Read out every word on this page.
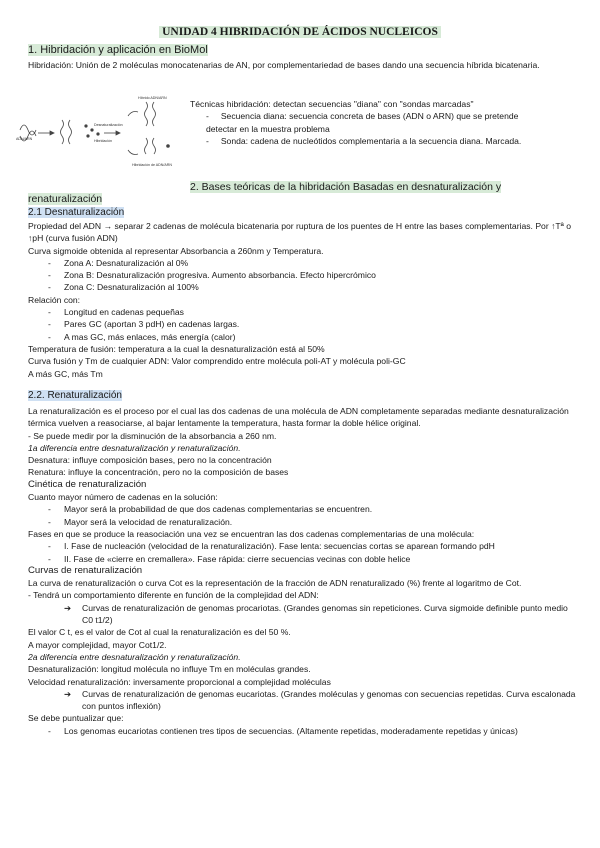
UNIDAD 4 HIBRIDACIÓN DE ÁCIDOS NUCLEICOS
1. Hibridación y aplicación en BioMol

Hibridación: Unión de 2 moléculas monocatenarias de AN, por complementariedad de bases dando una secuencia híbrida bicatenaria.

Híbrido ADN/ARN
ADN/ARN
Desnaturalización
Hibridación
Hibridación de ADN/ARN

Técnicas hibridación: detectan secuencias "diana" con "sondas marcadas"

-     Secuencia diana: secuencia concreta de bases (ADN o ARN) que se pretende detectar en la muestra problema

-     Sonda: cadena de nucleótidos complementaria a la secuencia diana. Marcada.

2. Bases teóricas de la hibridación Basadas en desnaturalización y
renaturalización
2.1 Desnaturalización

Propiedad del ADN → separar 2 cadenas de molécula bicatenaria por ruptura de los puentes de H entre las bases complementarias. Por ↑Tª o ↑pH (curva fusión ADN)

Curva sigmoide obtenida al representar Absorbancia a 260nm y Temperatura.

-	Zona A: Desnaturalización al 0%

-	Zona B: Desnaturalización progresiva. Aumento absorbancia. Efecto hipercrómico

-	Zona C: Desnaturalización al 100%

Relación con:

-	Longitud en cadenas pequeñas

-	Pares GC (aportan 3 pdH) en cadenas largas.

-	A mas GC, más enlaces, más energía (calor)

Temperatura de fusión: temperatura a la cual la desnaturalización está al 50%

Curva fusión y Tm de cualquier ADN: Valor comprendido entre molécula poli-AT y molécula poli-GC

A más GC, más Tm

2.2. Renaturalización

La renaturalización es el proceso por el cual las dos cadenas de una molécula de ADN completamente separadas mediante desnaturalización térmica vuelven a reasociarse, al bajar lentamente la temperatura, hasta formar la doble hélice original.

- Se puede medir por la disminución de la absorbancia a 260 nm.

1a diferencia entre desnaturalización y renaturalización.

Desnatura: influye composición bases, pero no la concentración

Renatura: influye la concentración, pero no la composición de bases

Cinética de renaturalización

Cuanto mayor número de cadenas en la solución:

-	Mayor será la probabilidad de que dos cadenas complementarias se encuentren.

-	Mayor será la velocidad de renaturalización.

Fases en que se produce la reasociación una vez se encuentran las dos cadenas complementarias de una molécula:

-	I. Fase de nucleación (velocidad de la renaturalización). Fase lenta: secuencias cortas se aparean formando pdH

-	II. Fase de «cierre en cremallera». Fase rápida: cierre secuencias vecinas con doble helice

Curvas de renaturalización

La curva de renaturalización o curva Cot es la representación de la fracción de ADN renaturalizado (%) frente al logaritmo de Cot.

- Tendrá un comportamiento diferente en función de la complejidad del ADN:

➔	Curvas de renaturalización de genomas procariotas. (Grandes genomas sin repeticiones. Curva sigmoide definible punto medio C0 t1/2)

El valor C t, es el valor de Cot al cual la renaturalización es del 50 %.

A mayor complejidad, mayor Cot1/2.

2a diferencia entre desnaturalización y renaturalización.

Desnaturalización: longitud molécula no influye Tm en moléculas grandes.

Velocidad renaturalización: inversamente proporcional a complejidad moléculas

➔	Curvas de renaturalización de genomas eucariotas. (Grandes moléculas y genomas con secuencias repetidas. Curva escalonada con puntos inflexión)

Se debe puntualizar que:

-	Los genomas eucariotas contienen tres tipos de secuencias. (Altamente repetidas, moderadamente repetidas y únicas)
